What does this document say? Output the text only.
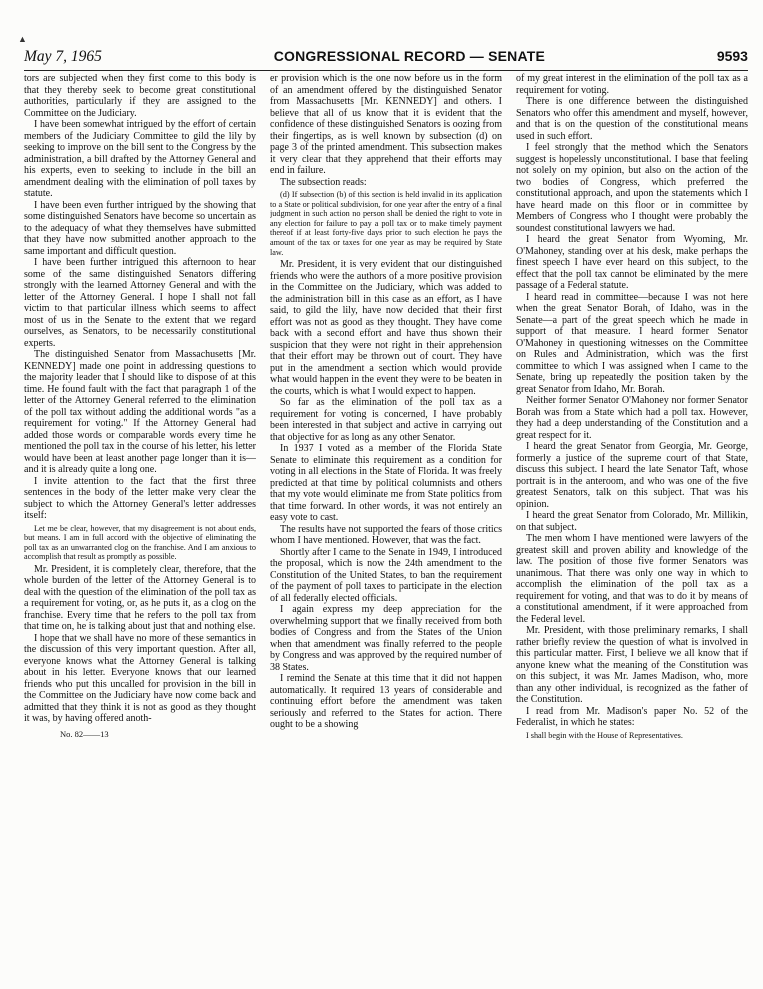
▲
May 7, 1965	CONGRESSIONAL RECORD — SENATE	9593

tors are subjected when they first come to this body is that they thereby seek to become great constitutional authorities, particularly if they are assigned to the Committee on the Judiciary.

I have been somewhat intrigued by the effort of certain members of the Judiciary Committee to gild the lily by seeking to improve on the bill sent to the Congress by the administration, a bill drafted by the Attorney General and his experts, even to seeking to include in the bill an amendment dealing with the elimination of poll taxes by statute.

I have been even further intrigued by the showing that some distinguished Senators have become so uncertain as to the adequacy of what they themselves have submitted that they have now submitted another approach to the same important and difficult question.

I have been further intrigued this afternoon to hear some of the same distinguished Senators differing strongly with the learned Attorney General and with the letter of the Attorney General. I hope I shall not fall victim to that particular illness which seems to affect most of us in the Senate to the extent that we regard ourselves, as Senators, to be necessarily constitutional experts.

The distinguished Senator from Massachusetts [Mr. KENNEDY] made one point in addressing questions to the majority leader that I should like to dispose of at this time. He found fault with the fact that paragraph 1 of the letter of the Attorney General referred to the elimination of the poll tax without adding the additional words "as a requirement for voting." If the Attorney General had added those words or comparable words every time he mentioned the poll tax in the course of his letter, his letter would have been at least another page longer than it is—and it is already quite a long one.

I invite attention to the fact that the first three sentences in the body of the letter make very clear the subject to which the Attorney General's letter addresses itself:

Let me be clear, however, that my disagreement is not about ends, but means. I am in full accord with the objective of eliminating the poll tax as an unwarranted clog on the franchise. And I am anxious to accomplish that result as promptly as possible.

Mr. President, it is completely clear, therefore, that the whole burden of the letter of the Attorney General is to deal with the question of the elimination of the poll tax as a requirement for voting, or, as he puts it, as a clog on the franchise. Every time that he refers to the poll tax from that time on, he is talking about just that and nothing else.

I hope that we shall have no more of these semantics in the discussion of this very important question. After all, everyone knows what the Attorney General is talking about in his letter. Everyone knows that our learned friends who put this uncalled for provision in the bill in the Committee on the Judiciary have now come back and admitted that they think it is not as good as they thought it was, by having offered anoth-

No. 82——13

er provision which is the one now before us in the form of an amendment offered by the distinguished Senator from Massachusetts [Mr. KENNEDY] and others. I believe that all of us know that it is evident that the confidence of these distinguished Senators is oozing from their fingertips, as is well known by subsection (d) on page 3 of the printed amendment. This subsection makes it very clear that they apprehend that their efforts may end in failure.

The subsection reads:

(d) If subsection (b) of this section is held invalid in its application to a State or political subdivision, for one year after the entry of a final judgment in such action no person shall be denied the right to vote in any election for failure to pay a poll tax or to make timely payment thereof if at least forty-five days prior to such election he pays the amount of the tax or taxes for one year as may be required by State law.

Mr. President, it is very evident that our distinguished friends who were the authors of a more positive provision in the Committee on the Judiciary, which was added to the administration bill in this case as an effort, as I have said, to gild the lily, have now decided that their first effort was not as good as they thought. They have come back with a second effort and have thus shown their suspicion that they were not right in their apprehension that their effort may be thrown out of court. They have put in the amendment a section which would provide what would happen in the event they were to be beaten in the courts, which is what I would expect to happen.

So far as the elimination of the poll tax as a requirement for voting is concerned, I have probably been interested in that subject and active in carrying out that objective for as long as any other Senator.

In 1937 I voted as a member of the Florida State Senate to eliminate this requirement as a condition for voting in all elections in the State of Florida. It was freely predicted at that time by political columnists and others that my vote would eliminate me from State politics from that time forward. In other words, it was not entirely an easy vote to cast.

The results have not supported the fears of those critics whom I have mentioned. However, that was the fact.

Shortly after I came to the Senate in 1949, I introduced the proposal, which is now the 24th amendment to the Constitution of the United States, to ban the requirement of the payment of poll taxes to participate in the election of all federally elected officials.

I again express my deep appreciation for the overwhelming support that we finally received from both bodies of Congress and from the States of the Union when that amendment was finally referred to the people by Congress and was approved by the required number of 38 States.

I remind the Senate at this time that it did not happen automatically. It required 13 years of considerable and continuing effort before the amendment was taken seriously and referred to the States for action. There ought to be a showing

of my great interest in the elimination of the poll tax as a requirement for voting.

There is one difference between the distinguished Senators who offer this amendment and myself, however, and that is on the question of the constitutional means used in such effort.

I feel strongly that the method which the Senators suggest is hopelessly unconstitutional. I base that feeling not solely on my opinion, but also on the action of the two bodies of Congress, which preferred the constitutional approach, and upon the statements which I have heard made on this floor or in committee by Members of Congress who I thought were probably the soundest constitutional lawyers we had.

I heard the great Senator from Wyoming, Mr. O'Mahoney, standing over at his desk, make perhaps the finest speech I have ever heard on this subject, to the effect that the poll tax cannot be eliminated by the mere passage of a Federal statute.

I heard read in committee—because I was not here when the great Senator Borah, of Idaho, was in the Senate—a part of the great speech which he made in support of that measure. I heard former Senator O'Mahoney in questioning witnesses on the Committee on Rules and Administration, which was the first committee to which I was assigned when I came to the Senate, bring up repeatedly the position taken by the great Senator from Idaho, Mr. Borah.

Neither former Senator O'Mahoney nor former Senator Borah was from a State which had a poll tax. However, they had a deep understanding of the Constitution and a great respect for it.

I heard the great Senator from Georgia, Mr. George, formerly a justice of the supreme court of that State, discuss this subject. I heard the late Senator Taft, whose portrait is in the anteroom, and who was one of the five greatest Senators, talk on this subject. That was his opinion.

I heard the great Senator from Colorado, Mr. Millikin, on that subject.

The men whom I have mentioned were lawyers of the greatest skill and proven ability and knowledge of the law. The position of those five former Senators was unanimous. That there was only one way in which to accomplish the elimination of the poll tax as a requirement for voting, and that was to do it by means of a constitutional amendment, if it were approached from the Federal level.

Mr. President, with those preliminary remarks, I shall rather briefly review the question of what is involved in this particular matter. First, I believe we all know that if anyone knew what the meaning of the Constitution was on this subject, it was Mr. James Madison, who, more than any other individual, is recognized as the father of the Constitution.

I read from Mr. Madison's paper No. 52 of the Federalist, in which he states:

I shall begin with the House of Representatives.
